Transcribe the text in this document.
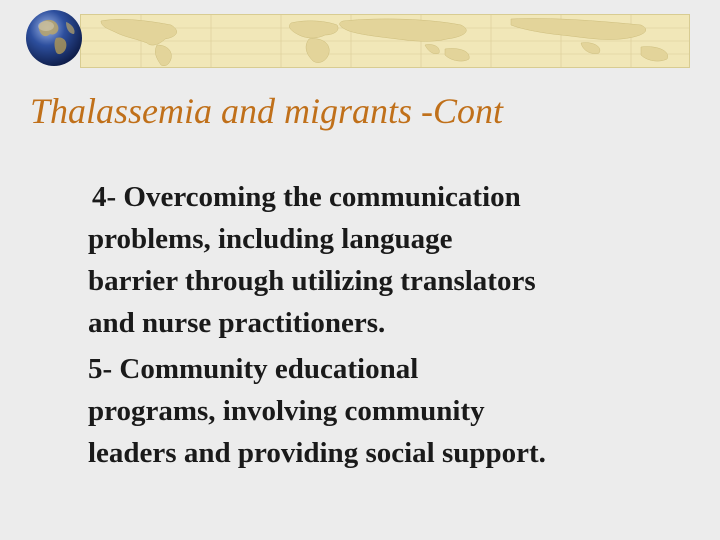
Thalassemia and migrants -Cont
4- Overcoming the communication
problems, including language
barrier through utilizing translators
and nurse practitioners.
5- Community educational
programs, involving community
leaders and providing social support.
